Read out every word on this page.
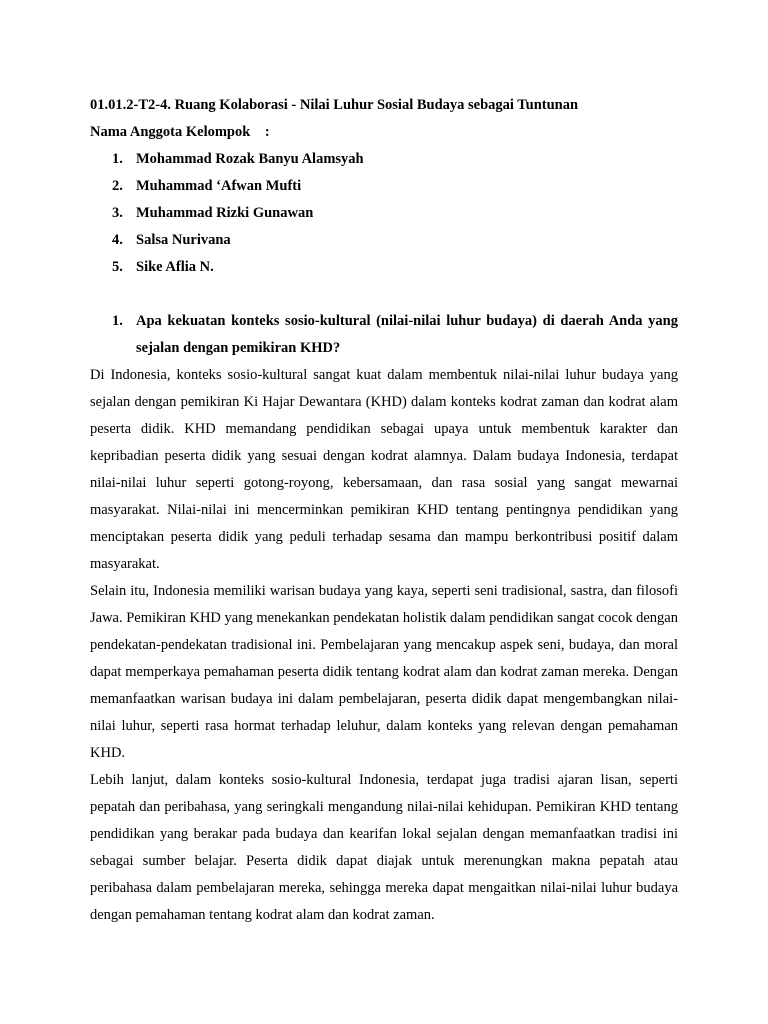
01.01.2-T2-4. Ruang Kolaborasi - Nilai Luhur Sosial Budaya sebagai Tuntunan
Nama Anggota Kelompok    :
1. Mohammad Rozak Banyu Alamsyah
2. Muhammad ‘Afwan Mufti
3. Muhammad Rizki Gunawan
4. Salsa Nurivana
5. Sike Aflia N.
1. Apa kekuatan konteks sosio-kultural (nilai-nilai luhur budaya) di daerah Anda yang sejalan dengan pemikiran KHD?

Di Indonesia, konteks sosio-kultural sangat kuat dalam membentuk nilai-nilai luhur budaya yang sejalan dengan pemikiran Ki Hajar Dewantara (KHD) dalam konteks kodrat zaman dan kodrat alam peserta didik. KHD memandang pendidikan sebagai upaya untuk membentuk karakter dan kepribadian peserta didik yang sesuai dengan kodrat alamnya. Dalam budaya Indonesia, terdapat nilai-nilai luhur seperti gotong-royong, kebersamaan, dan rasa sosial yang sangat mewarnai masyarakat. Nilai-nilai ini mencerminkan pemikiran KHD tentang pentingnya pendidikan yang menciptakan peserta didik yang peduli terhadap sesama dan mampu berkontribusi positif dalam masyarakat.

Selain itu, Indonesia memiliki warisan budaya yang kaya, seperti seni tradisional, sastra, dan filosofi Jawa. Pemikiran KHD yang menekankan pendekatan holistik dalam pendidikan sangat cocok dengan pendekatan-pendekatan tradisional ini. Pembelajaran yang mencakup aspek seni, budaya, dan moral dapat memperkaya pemahaman peserta didik tentang kodrat alam dan kodrat zaman mereka. Dengan memanfaatkan warisan budaya ini dalam pembelajaran, peserta didik dapat mengembangkan nilai-nilai luhur, seperti rasa hormat terhadap leluhur, dalam konteks yang relevan dengan pemahaman KHD.

Lebih lanjut, dalam konteks sosio-kultural Indonesia, terdapat juga tradisi ajaran lisan, seperti pepatah dan peribahasa, yang seringkali mengandung nilai-nilai kehidupan. Pemikiran KHD tentang pendidikan yang berakar pada budaya dan kearifan lokal sejalan dengan memanfaatkan tradisi ini sebagai sumber belajar. Peserta didik dapat diajak untuk merenungkan makna pepatah atau peribahasa dalam pembelajaran mereka, sehingga mereka dapat mengaitkan nilai-nilai luhur budaya dengan pemahaman tentang kodrat alam dan kodrat zaman.
